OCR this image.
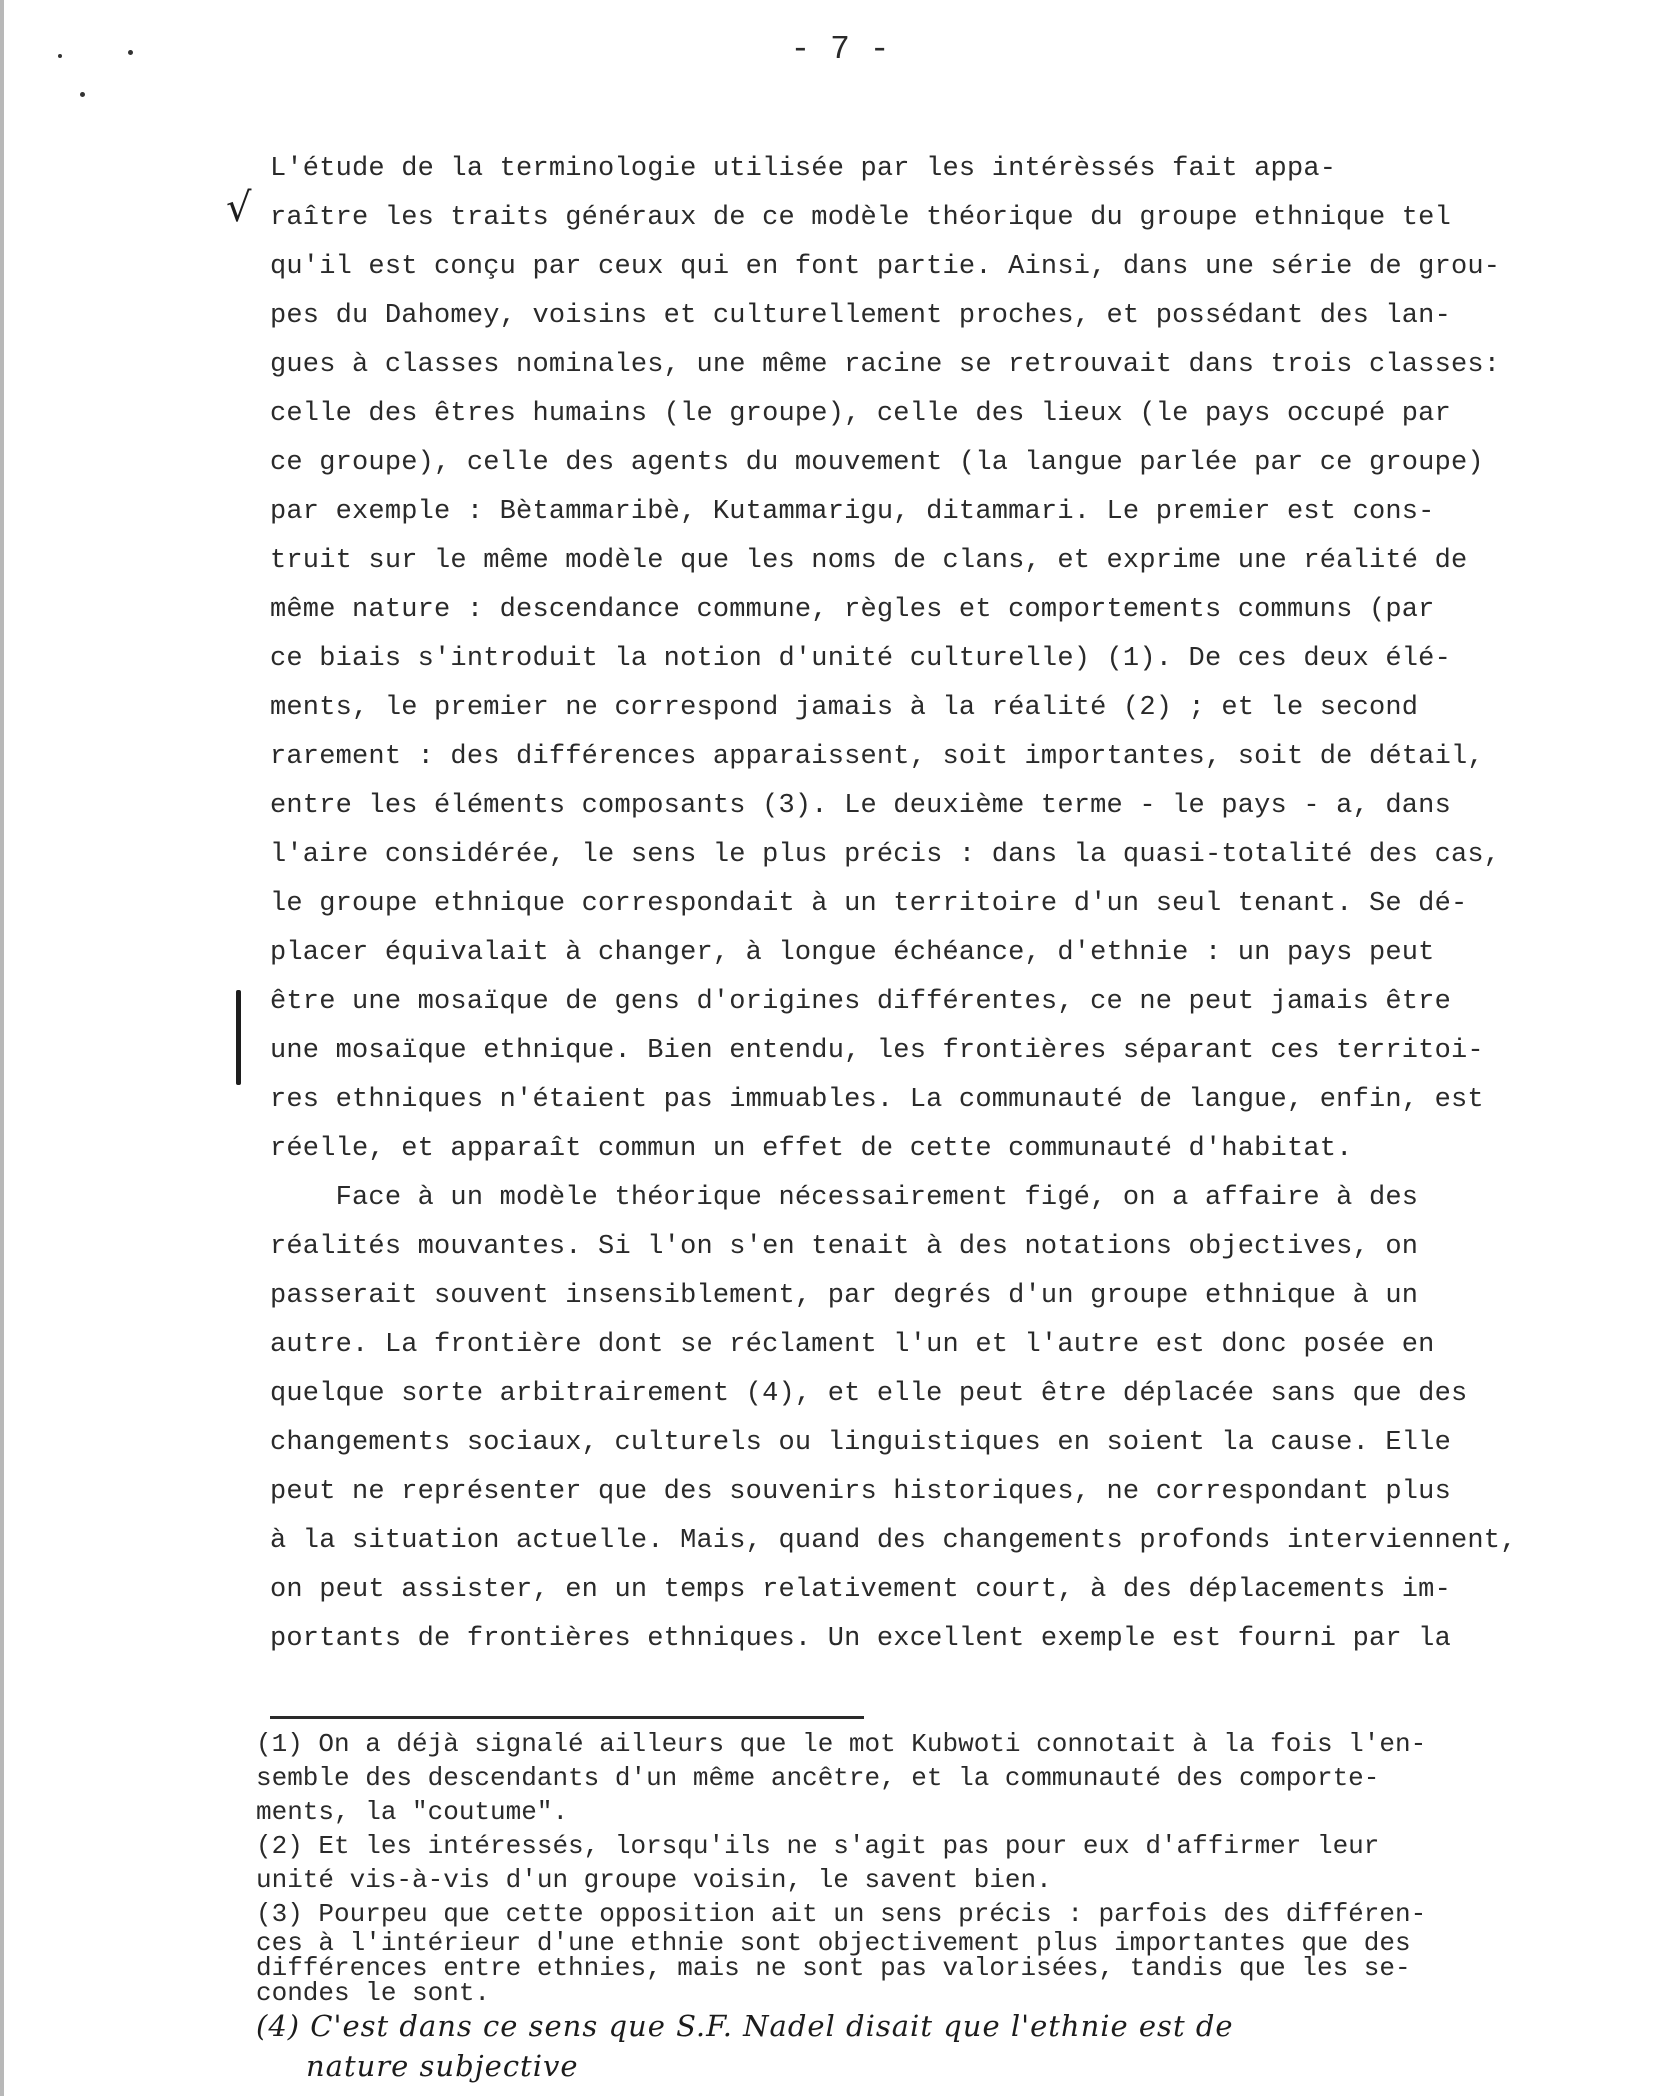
- 7 -
√
L'étude de la terminologie utilisée par les intérèssés fait appa-
raître les traits généraux de ce modèle théorique du groupe ethnique tel
qu'il est conçu par ceux qui en font partie. Ainsi, dans une série de grou-
pes du Dahomey, voisins et culturellement proches, et possédant des lan-
gues à classes nominales, une même racine se retrouvait dans trois classes:
celle des êtres humains (le groupe), celle des lieux (le pays occupé par
ce groupe), celle des agents du mouvement (la langue parlée par ce groupe)
par exemple : Bètammaribè, Kutammarigu, ditammari. Le premier est cons-
truit sur le même modèle que les noms de clans, et exprime une réalité de
même nature : descendance commune, règles et comportements communs (par
ce biais s'introduit la notion d'unité culturelle) (1). De ces deux élé-
ments, le premier ne correspond jamais à la réalité (2) ; et le second
rarement : des différences apparaissent, soit importantes, soit de détail,
entre les éléments composants (3). Le deuxième terme - le pays - a, dans
l'aire considérée, le sens le plus précis : dans la quasi-totalité des cas,
le groupe ethnique correspondait à un territoire d'un seul tenant. Se dé-
placer équivalait à changer, à longue échéance, d'ethnie : un pays peut
être une mosaïque de gens d'origines différentes, ce ne peut jamais être
une mosaïque ethnique. Bien entendu, les frontières séparant ces territoi-
res ethniques n'étaient pas immuables. La communauté de langue, enfin, est
réelle, et apparaît commun un effet de cette communauté d'habitat.
Face à un modèle théorique nécessairement figé, on a affaire à des
réalités mouvantes. Si l'on s'en tenait à des notations objectives, on
passerait souvent insensiblement, par degrés d'un groupe ethnique à un
autre. La frontière dont se réclament l'un et l'autre est donc posée en
quelque sorte arbitrairement (4), et elle peut être déplacée sans que des
changements sociaux, culturels ou linguistiques en soient la cause. Elle
peut ne représenter que des souvenirs historiques, ne correspondant plus
à la situation actuelle. Mais, quand des changements profonds interviennent,
on peut assister, en un temps relativement court, à des déplacements im-
portants de frontières ethniques. Un excellent exemple est fourni par la
(1) On a déjà signalé ailleurs que le mot Kubwoti connotait à la fois l'en-
semble des descendants d'un même ancêtre, et la communauté des comporte-
ments, la "coutume".
(2) Et les intéressés, lorsqu'ils ne s'agit pas pour eux d'affirmer leur
unité vis-à-vis d'un groupe voisin, le savent bien.
(3) Pourpeu que cette opposition ait un sens précis : parfois des différen-
ces à l'intérieur d'une ethnie sont objectivement plus importantes que des
différences entre ethnies, mais ne sont pas valorisées, tandis que les se-
condes le sont.
(4) C'est dans ce sens que S.F. Nadel disait que l'ethnie est de
nature subjective
